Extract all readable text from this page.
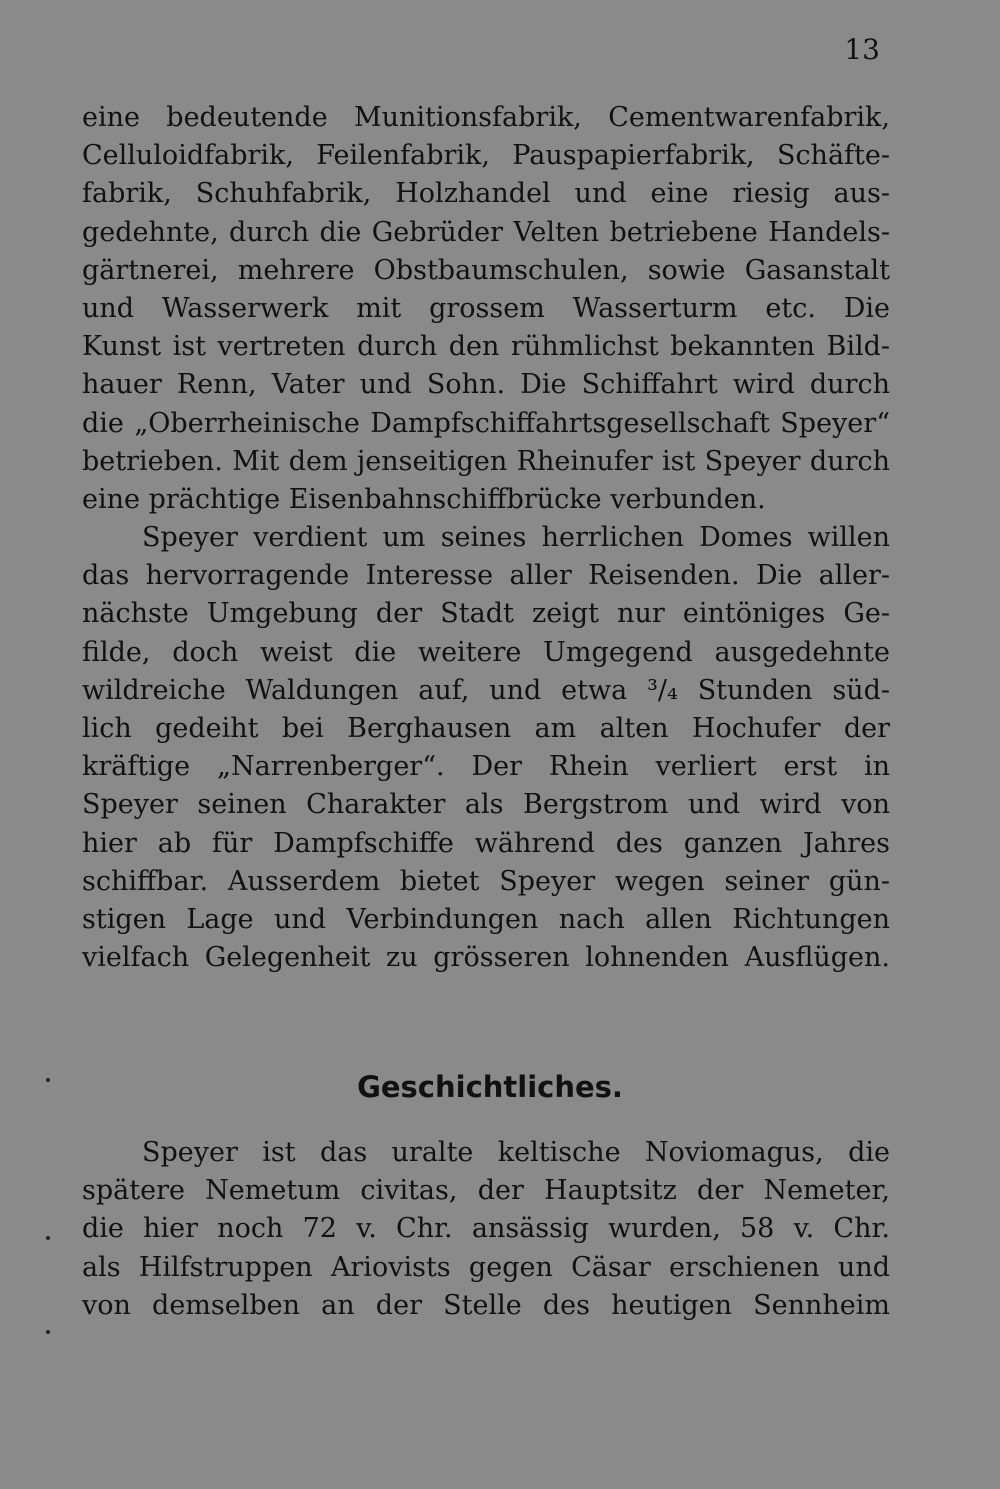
13
eine bedeutende Munitionsfabrik, Cementwarenfabrik,
Celluloidfabrik, Feilenfabrik, Pauspapierfabrik, Schäfte-
fabrik, Schuhfabrik, Holzhandel und eine riesig aus-
gedehnte, durch die Gebrüder Velten betriebene Handels-
gärtnerei, mehrere Obstbaumschulen, sowie Gasanstalt
und Wasserwerk mit grossem Wasserturm etc. Die
Kunst ist vertreten durch den rühmlichst bekannten Bild-
hauer Renn, Vater und Sohn. Die Schiffahrt wird durch
die „Oberrheinische Dampfschiffahrtsgesellschaft Speyer“
betrieben. Mit dem jenseitigen Rheinufer ist Speyer durch
eine prächtige Eisenbahnschiffbrücke verbunden.
Speyer verdient um seines herrlichen Domes willen
das hervorragende Interesse aller Reisenden. Die aller-
nächste Umgebung der Stadt zeigt nur eintöniges Ge-
filde, doch weist die weitere Umgegend ausgedehnte
wildreiche Waldungen auf, und etwa ³/₄ Stunden süd-
lich gedeiht bei Berghausen am alten Hochufer der
kräftige „Narrenberger“. Der Rhein verliert erst in
Speyer seinen Charakter als Bergstrom und wird von
hier ab für Dampfschiffe während des ganzen Jahres
schiffbar. Ausserdem bietet Speyer wegen seiner gün-
stigen Lage und Verbindungen nach allen Richtungen
vielfach Gelegenheit zu grösseren lohnenden Ausflügen.
Geschichtliches.
Speyer ist das uralte keltische Noviomagus, die
spätere Nemetum civitas, der Hauptsitz der Nemeter,
die hier noch 72 v. Chr. ansässig wurden, 58 v. Chr.
als Hilfstruppen Ariovists gegen Cäsar erschienen und
von demselben an der Stelle des heutigen Sennheim
